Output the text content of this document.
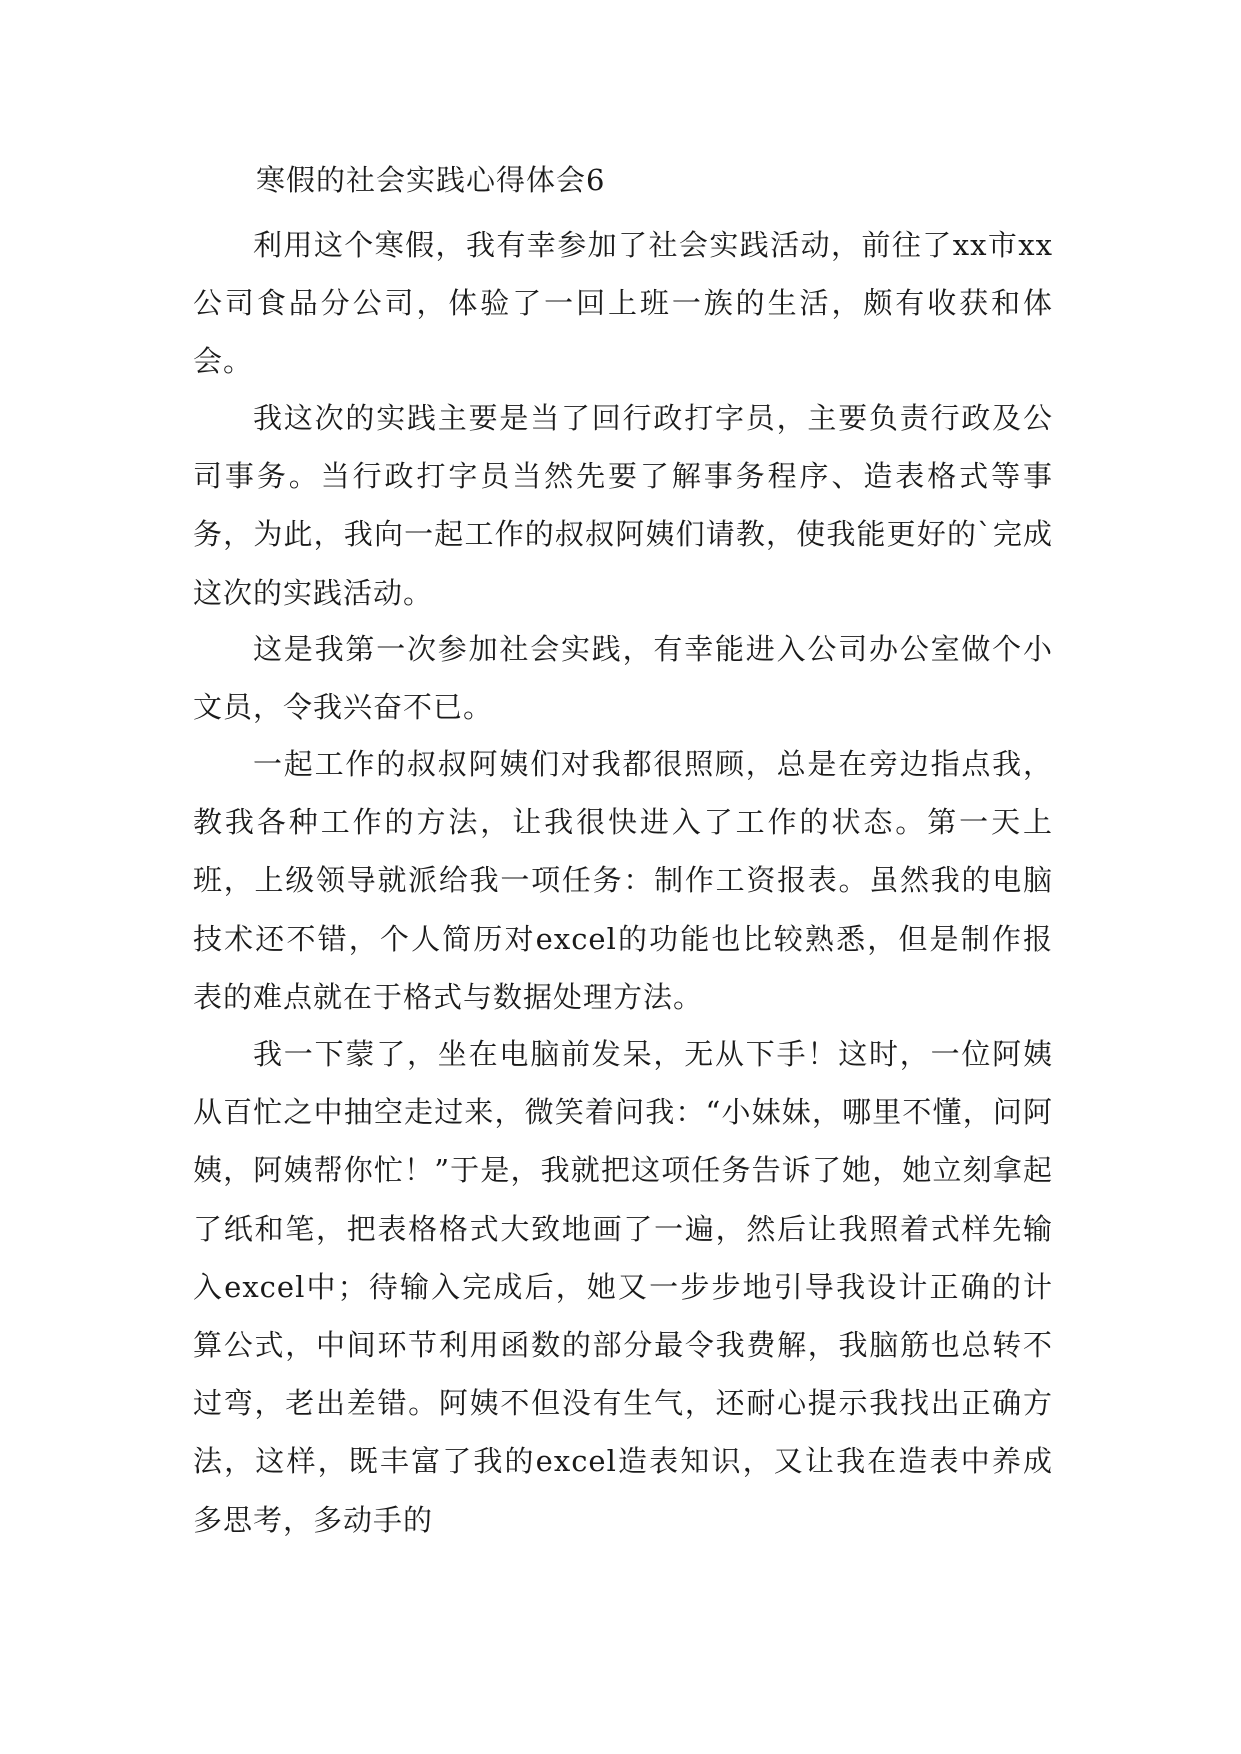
寒假的社会实践心得体会6

利用这个寒假，我有幸参加了社会实践活动，前往了xx市xx公司食品分公司，体验了一回上班一族的生活，颇有收获和体会。

我这次的实践主要是当了回行政打字员，主要负责行政及公司事务。当行政打字员当然先要了解事务程序、造表格式等事务，为此，我向一起工作的叔叔阿姨们请教，使我能更好的`完成这次的实践活动。

这是我第一次参加社会实践，有幸能进入公司办公室做个小文员，令我兴奋不已。

一起工作的叔叔阿姨们对我都很照顾，总是在旁边指点我，教我各种工作的方法，让我很快进入了工作的状态。第一天上班，上级领导就派给我一项任务：制作工资报表。虽然我的电脑技术还不错，个人简历对excel的功能也比较熟悉，但是制作报表的难点就在于格式与数据处理方法。

我一下蒙了，坐在电脑前发呆，无从下手！这时，一位阿姨从百忙之中抽空走过来，微笑着问我：“小妹妹，哪里不懂，问阿姨，阿姨帮你忙！”于是，我就把这项任务告诉了她，她立刻拿起了纸和笔，把表格格式大致地画了一遍，然后让我照着式样先输入excel中；待输入完成后，她又一步步地引导我设计正确的计算公式，中间环节利用函数的部分最令我费解，我脑筋也总转不过弯，老出差错。阿姨不但没有生气，还耐心提示我找出正确方法，这样，既丰富了我的excel造表知识，又让我在造表中养成多思考，多动手的
